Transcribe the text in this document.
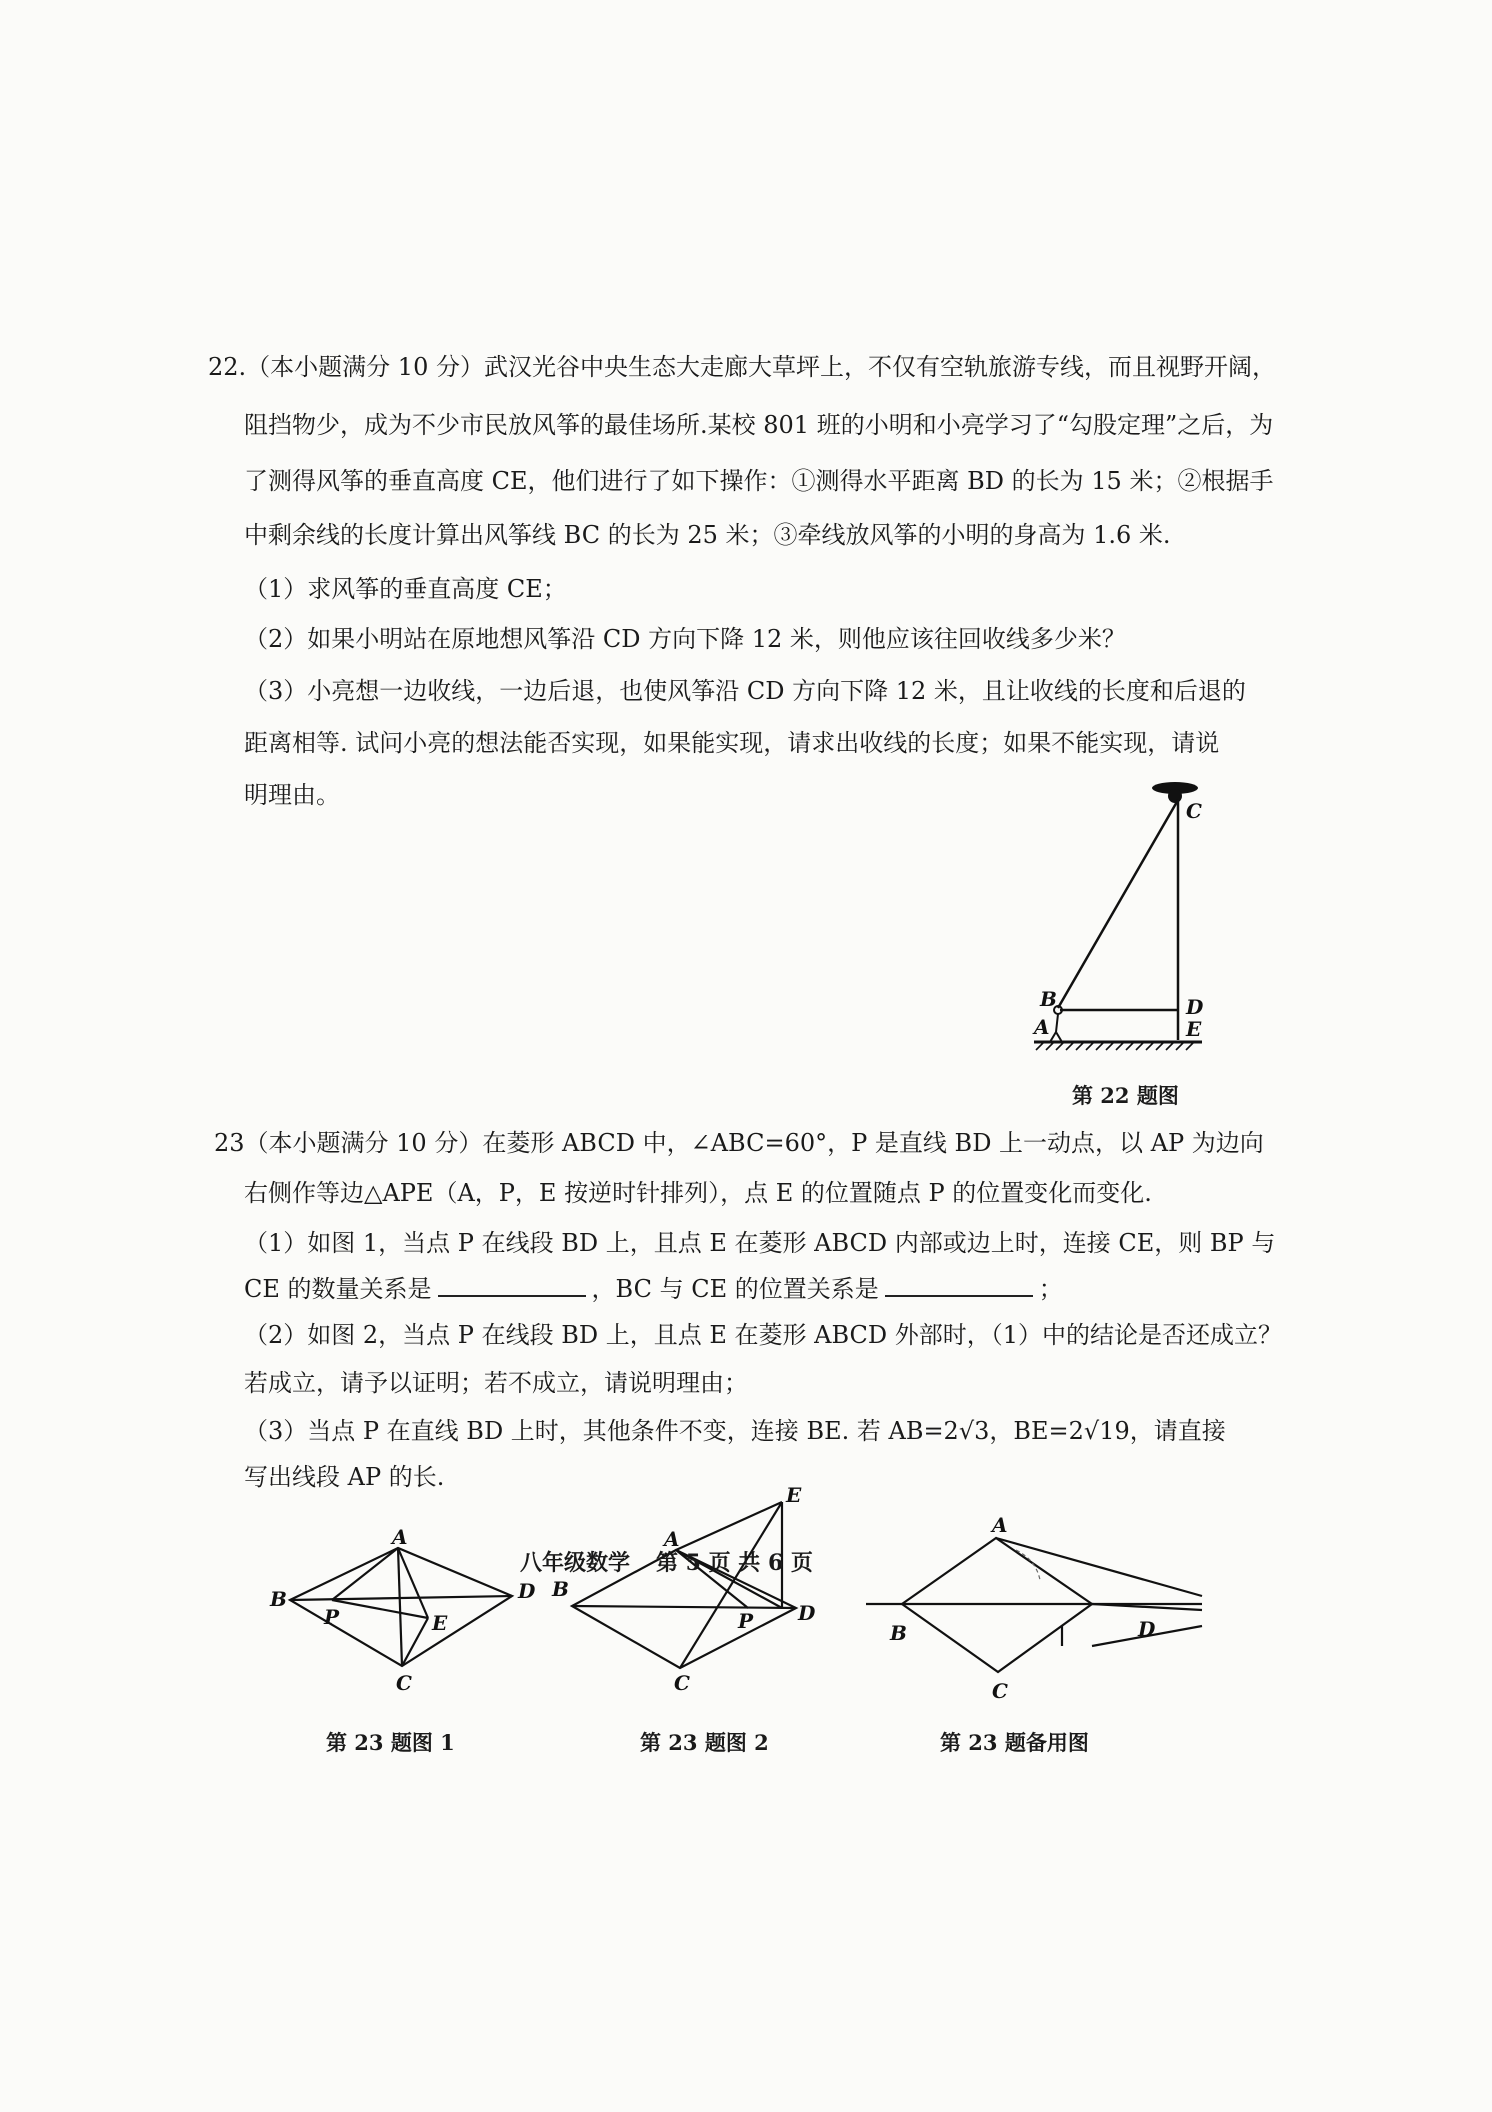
22.（本小题满分 10 分）武汉光谷中央生态大走廊大草坪上，不仅有空轨旅游专线，而且视野开阔，
阻挡物少，成为不少市民放风筝的最佳场所.某校 801 班的小明和小亮学习了“勾股定理”之后，为
了测得风筝的垂直高度 CE，他们进行了如下操作：①测得水平距离 BD 的长为 15 米；②根据手
中剩余线的长度计算出风筝线 BC 的长为 25 米；③牵线放风筝的小明的身高为 1.6 米.
（1）求风筝的垂直高度 CE；
（2）如果小明站在原地想风筝沿 CD 方向下降 12 米，则他应该往回收线多少米？
（3）小亮想一边收线，一边后退，也使风筝沿 CD 方向下降 12 米，且让收线的长度和后退的
距离相等. 试问小亮的想法能否实现，如果能实现，请求出收线的长度；如果不能实现，请说
明理由。
C
B	D
A	E
第 22 题图
23（本小题满分 10 分）在菱形 ABCD 中，∠ABC=60°，P 是直线 BD 上一动点，以 AP 为边向
右侧作等边△APE（A，P，E 按逆时针排列），点 E 的位置随点 P 的位置变化而变化.
（1）如图 1，当点 P 在线段 BD 上，且点 E 在菱形 ABCD 内部或边上时，连接 CE，则 BP 与
CE 的数量关系是	，BC 与 CE 的位置关系是	；
（2）如图 2，当点 P 在线段 BD 上，且点 E 在菱形 ABCD 外部时，（1）中的结论是否还成立？
若成立，请予以证明；若不成立，请说明理由；
（3）当点 P 在直线 BD 上时，其他条件不变，连接 BE. 若 AB=2√3，BE=2√19，请直接
写出线段 AP 的长.
A
B
P	E
D
C
第 23 题图 1
A
B
P
E
D
C
第 23 题图 2
A
B	D
C
第 23 题备用图
八年级数学 第 5 页 共 6 页
